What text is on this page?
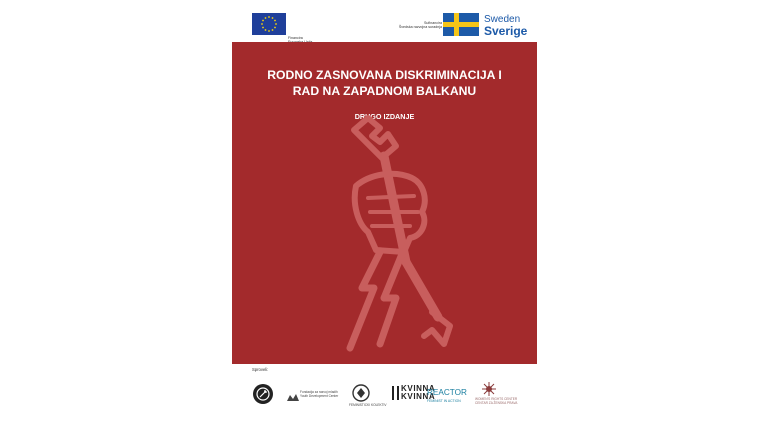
Financira
Sufinancira
Švedska razvojna suradnja
Sweden
Sverige
RODNO ZASNOVANA DISKRIMINACIJA I
RAD NA ZAPADNOM BALKANU
DRUGO IZDANJE
Sproveli:
Fondacija za razvoj mladih
Youth Development Center
FEMINISTICKI KOLEKTIV
KVINNA
KVINNA
REACTOR
FEMINIST IN ACTION	WOMEN'S RIGHTS CENTER
CENTAR ZA ŽENSKA PRAVA
